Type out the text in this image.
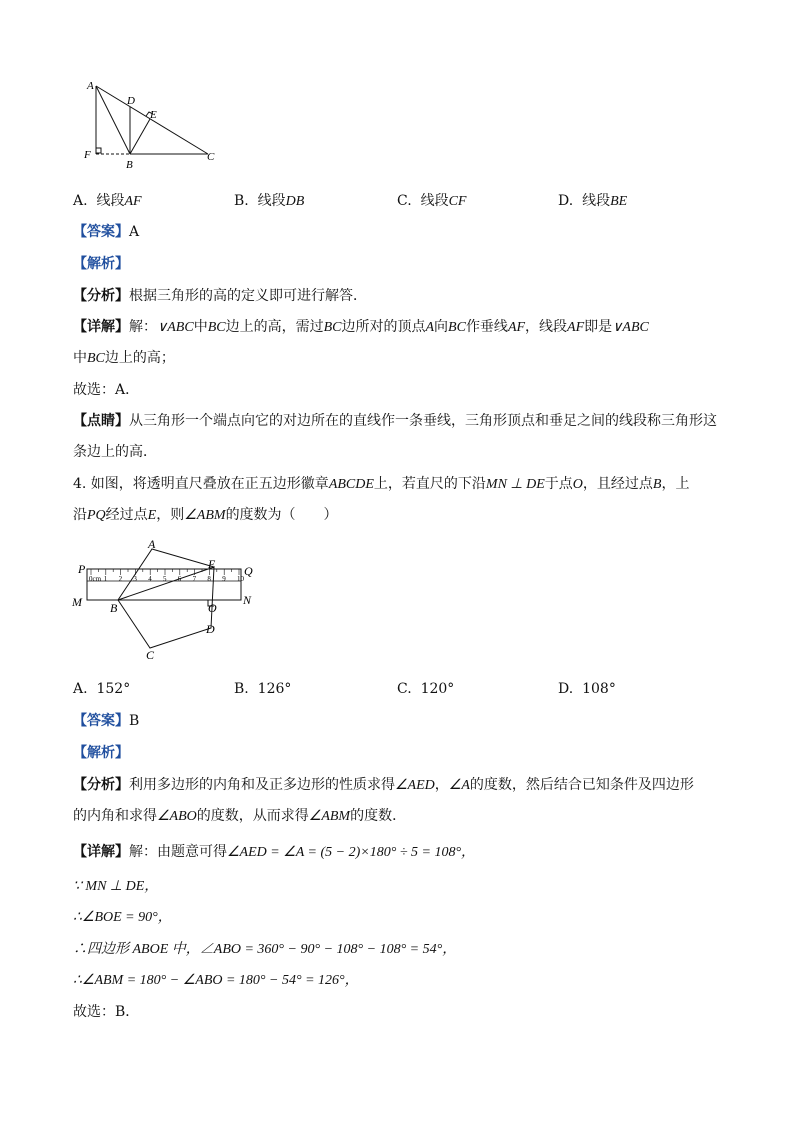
A
D
E
F
B
C
A. 线段AF	B. 线段DB	C. 线段CF	D. 线段BE
【答案】A
【解析】
【分析】根据三角形的高的定义即可进行解答．
【详解】解：∨ABC中BC边上的高，需过BC边所对的顶点A向BC作垂线AF，线段AF即是∨ABC
中BC边上的高；
故选：A．
【点睛】从三角形一个端点向它的对边所在的直线作一条垂线，三角形顶点和垂足之间的线段称三角形这
条边上的高．
4. 如图，将透明直尺叠放在正五边形徽章ABCDE上，若直尺的下沿MN ⊥ DE于点O，且经过点B，上
沿PQ经过点E，则∠ABM的度数为（　　）
0cm 1 2 3 4 5 6 7 8 9 10
A
P	E Q
M B	O
N
D
C
A. 152°	B. 126°	C. 120°	D. 108°
【答案】B
【解析】
【分析】利用多边形的内角和及正多边形的性质求得∠AED，∠A的度数，然后结合已知条件及四边形
的内角和求得∠ABO的度数，从而求得∠ABM的度数．
【详解】解：由题意可得∠AED = ∠A = (5 − 2)×180° ÷ 5 = 108°，
∵ MN ⊥ DE，
∴∠BOE = 90°，
∴四边形 ABOE 中，∠ABO = 360° − 90° − 108° − 108° = 54°，
∴∠ABM = 180° − ∠ABO = 180° − 54° = 126°，
故选：B．
